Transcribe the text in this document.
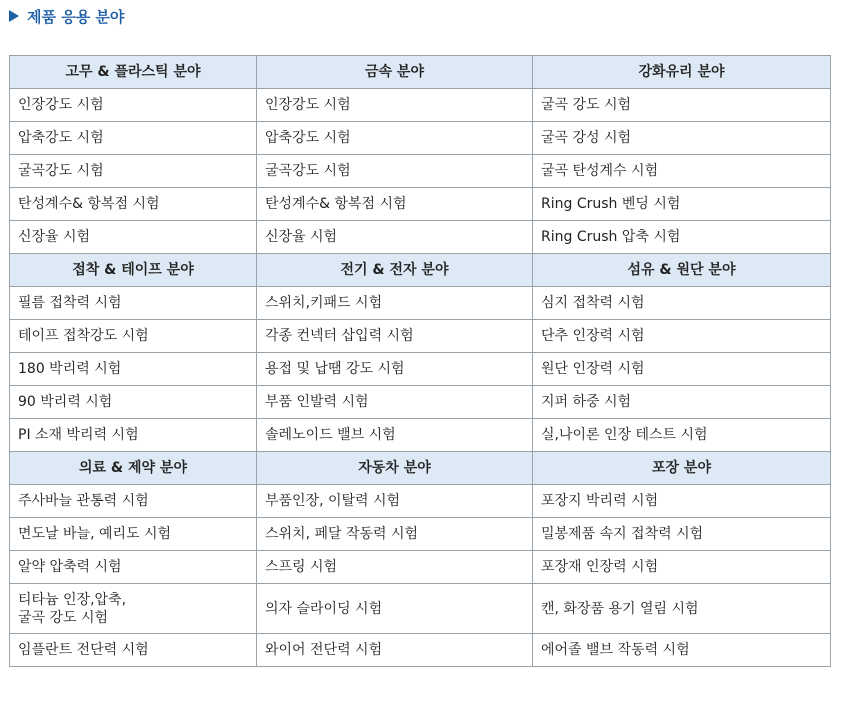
제품 응용 분야
고무 & 플라스틱 분야	금속 분야	강화유리 분야
인장강도 시험	인장강도 시험	굴곡 강도 시험
압축강도 시험	압축강도 시험	굴곡 강성 시험
굴곡강도 시험	굴곡강도 시험	굴곡 탄성계수 시험
탄성계수& 항복점 시험	탄성계수& 항복점 시험	Ring Crush 벤딩 시험
신장율 시험	신장율 시험	Ring Crush 압축 시험
접착 & 테이프 분야	전기 & 전자 분야	섬유 & 원단 분야
필름 접착력 시험	스위치,키패드 시험	심지 접착력 시험
테이프 접착강도 시험	각종 컨넥터 삽입력 시험	단추 인장력 시험
180 박리력 시험	용접 및 납땜 강도 시험	원단 인장력 시험
90 박리력 시험	부품 인발력 시험	지퍼 하중 시험
PI 소재 박리력 시험	솔레노이드 밸브 시험	실,나이론 인장 테스트 시험
의료 & 제약 분야	자동차 분야	포장 분야
주사바늘 관통력 시험	부품인장, 이탈력 시험	포장지 박리력 시험
면도날 바늘, 예리도 시험	스위치, 페달 작동력 시험	밀봉제품 속지 접착력 시험
알약 압축력 시험	스프링 시험	포장재 인장력 시험
티타늄 인장,압축,
굴곡 강도 시험	의자 슬라이딩 시험	캔, 화장품 용기 열림 시험
임플란트 전단력 시험	와이어 전단력 시험	에어졸 밸브 작동력 시험
